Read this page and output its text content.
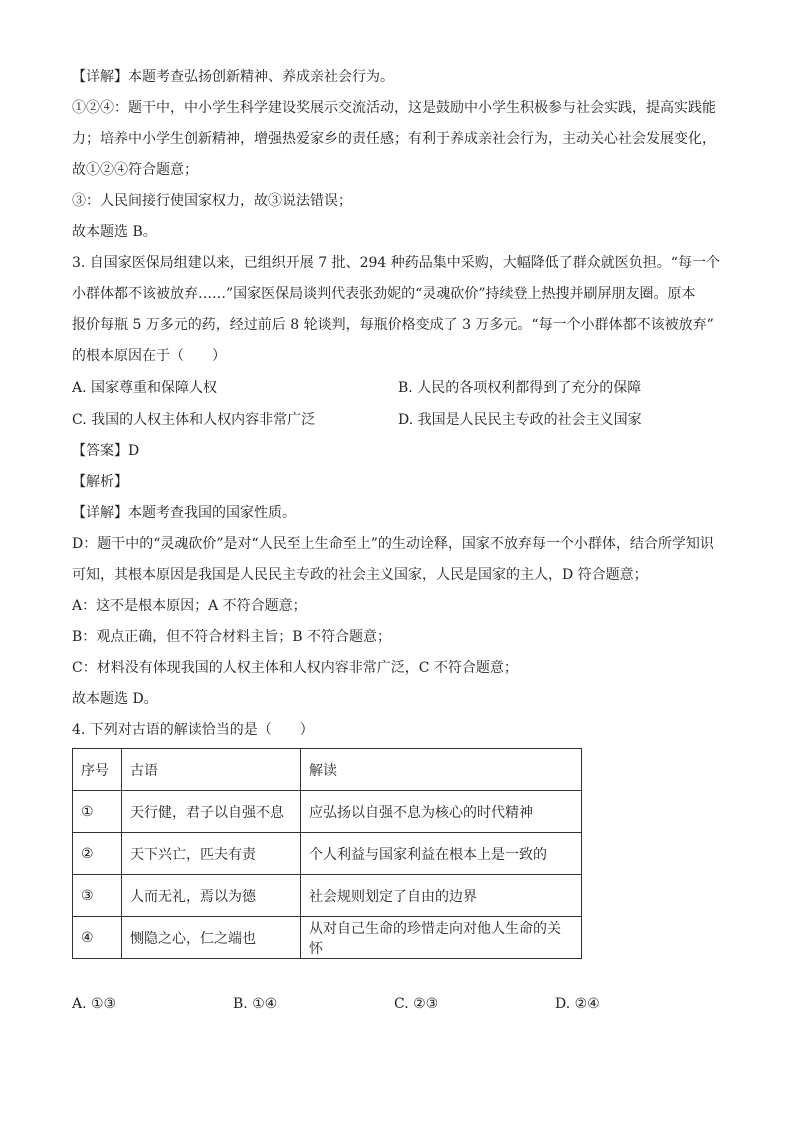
【详解】本题考查弘扬创新精神、养成亲社会行为。
①②④：题干中，中小学生科学建设奖展示交流活动，这是鼓励中小学生积极参与社会实践，提高实践能
力；培养中小学生创新精神，增强热爱家乡的责任感；有利于养成亲社会行为，主动关心社会发展变化，
故①②④符合题意；
③：人民间接行使国家权力，故③说法错误；
故本题选 B。
3. 自国家医保局组建以来，已组织开展 7 批、294 种药品集中采购，大幅降低了群众就医负担。“每一个
小群体都不该被放弃……”国家医保局谈判代表张劲妮的“灵魂砍价”持续登上热搜并刷屏朋友圈。原本
报价每瓶 5 万多元的药，经过前后 8 轮谈判，每瓶价格变成了 3 万多元。“每一个小群体都不该被放弃”
的根本原因在于（　　）
A. 国家尊重和保障人权	B. 人民的各项权利都得到了充分的保障
C. 我国的人权主体和人权内容非常广泛	D. 我国是人民民主专政的社会主义国家
【答案】D
【解析】
【详解】本题考查我国的国家性质。
D：题干中的“灵魂砍价”是对“人民至上生命至上”的生动诠释，国家不放弃每一个小群体，结合所学知识
可知，其根本原因是我国是人民民主专政的社会主义国家，人民是国家的主人，D 符合题意；
A：这不是根本原因；A 不符合题意；
B：观点正确，但不符合材料主旨；B 不符合题意；
C：材料没有体现我国的人权主体和人权内容非常广泛，C 不符合题意；
故本题选 D。
4. 下列对古语的解读恰当的是（　　）
序号	古语	解读
①	天行健，君子以自强不息	应弘扬以自强不息为核心的时代精神
②	天下兴亡，匹夫有责	个人利益与国家利益在根本上是一致的
③	人而无礼，焉以为德	社会规则划定了自由的边界
④	恻隐之心，仁之端也	从对自己生命的珍惜走向对他人生命的关怀
A. ①③	B. ①④	C. ②③	D. ②④
